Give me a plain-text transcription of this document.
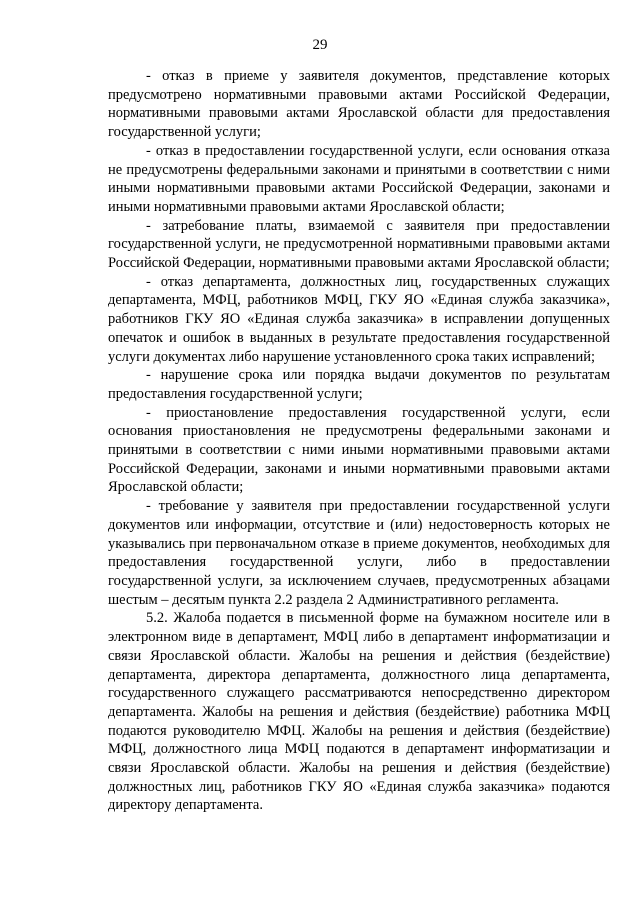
29

- отказ в приеме у заявителя документов, представление которых предусмотрено нормативными правовыми актами Российской Федерации, нормативными правовыми актами Ярославской области для предоставления государственной услуги;

- отказ в предоставлении государственной услуги, если основания отказа не предусмотрены федеральными законами и принятыми в соответствии с ними иными нормативными правовыми актами Российской Федерации, законами и иными нормативными правовыми актами Ярославской области;

- затребование платы, взимаемой с заявителя при предоставлении государственной услуги, не предусмотренной нормативными правовыми актами Российской Федерации, нормативными правовыми актами Ярославской области;

- отказ департамента, должностных лиц, государственных служащих департамента, МФЦ, работников МФЦ, ГКУ ЯО «Единая служба заказчика», работников ГКУ ЯО «Единая служба заказчика» в исправлении допущенных опечаток и ошибок в выданных в результате предоставления государственной услуги документах либо нарушение установленного срока таких исправлений;

- нарушение срока или порядка выдачи документов по результатам предоставления государственной услуги;

- приостановление предоставления государственной услуги, если основания приостановления не предусмотрены федеральными законами и принятыми в соответствии с ними иными нормативными правовыми актами Российской Федерации, законами и иными нормативными правовыми актами Ярославской области;

- требование у заявителя при предоставлении государственной услуги документов или информации, отсутствие и (или) недостоверность которых не указывались при первоначальном отказе в приеме документов, необходимых для предоставления государственной услуги, либо в предоставлении государственной услуги, за исключением случаев, предусмотренных абзацами шестым – десятым пункта 2.2 раздела 2 Административного регламента.

5.2. Жалоба подается в письменной форме на бумажном носителе или в электронном виде в департамент, МФЦ либо в департамент информатизации и связи Ярославской области. Жалобы на решения и действия (бездействие) департамента, директора департамента, должностного лица департамента, государственного служащего рассматриваются непосредственно директором департамента. Жалобы на решения и действия (бездействие) работника МФЦ подаются руководителю МФЦ. Жалобы на решения и действия (бездействие) МФЦ, должностного лица МФЦ подаются в департамент информатизации и связи Ярославской области. Жалобы на решения и действия (бездействие) должностных лиц, работников ГКУ ЯО «Единая служба заказчика» подаются директору департамента.
